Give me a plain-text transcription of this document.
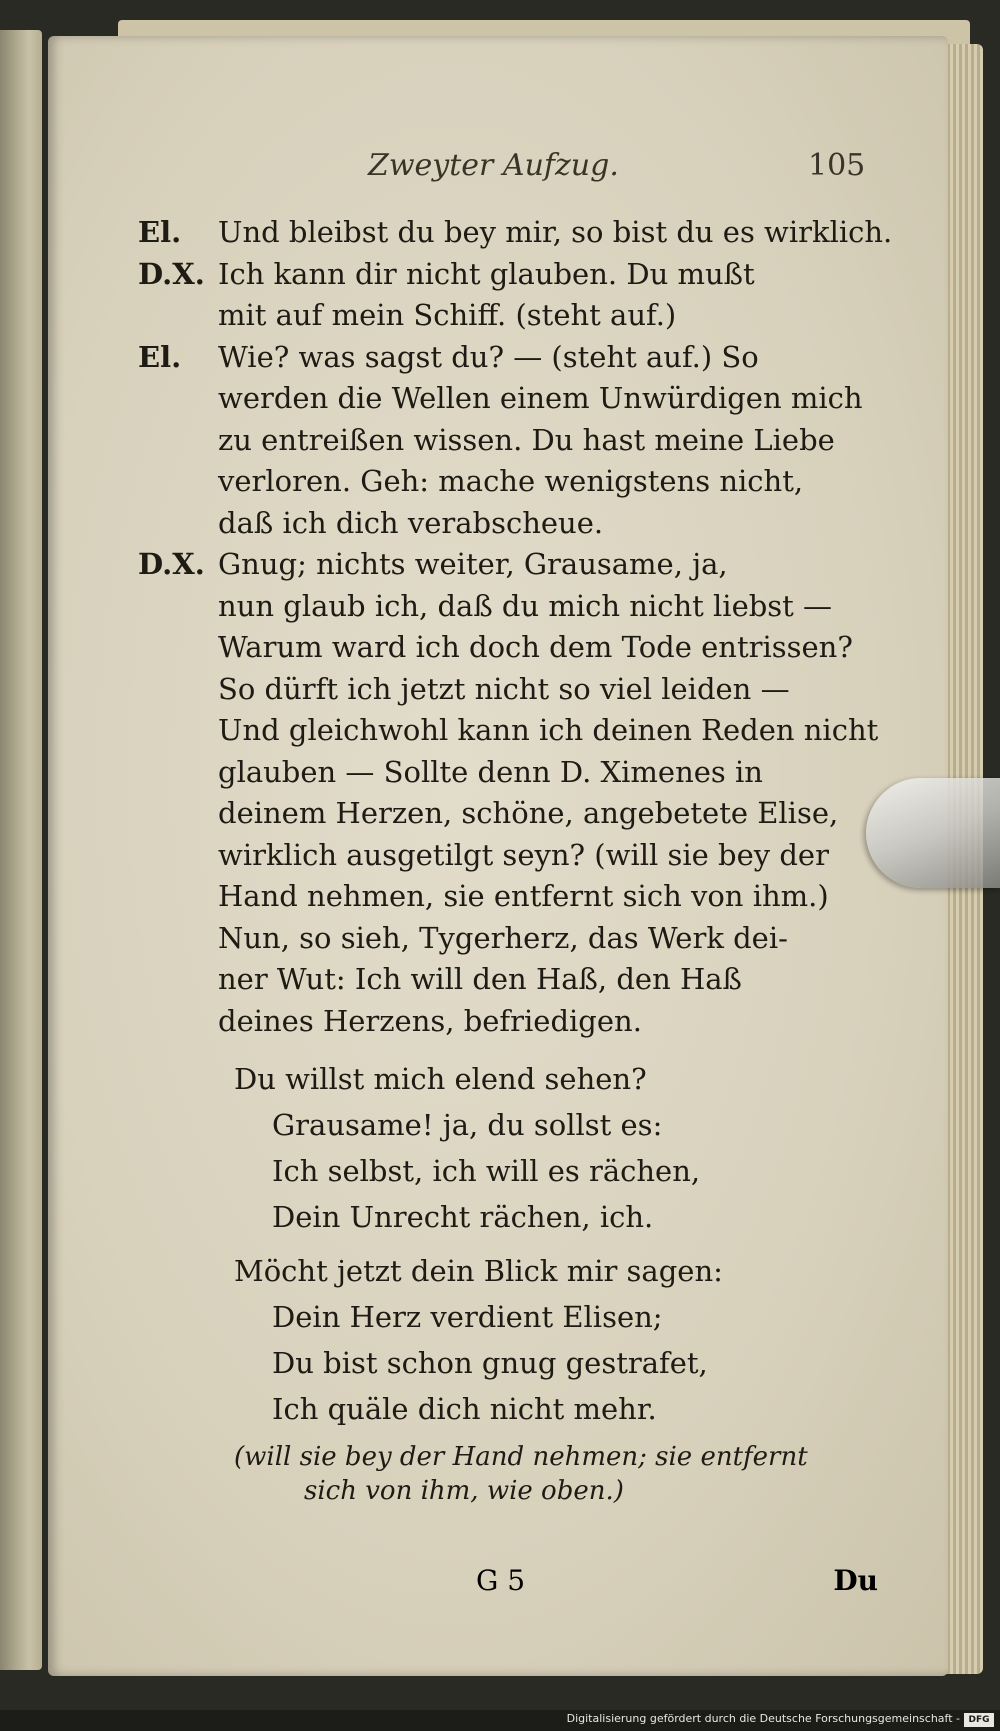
Zweyter Aufzug.	105
El. Und bleibst du bey mir, so bist du es wirklich.
D.X. Ich kann dir nicht glauben. Du mußt
mit auf mein Schiff. (steht auf.)
El. Wie? was sagst du? — (steht auf.) So
werden die Wellen einem Unwürdigen mich
zu entreißen wissen. Du hast meine Liebe
verloren. Geh: mache wenigstens nicht,
daß ich dich verabscheue.
D.X. Gnug; nichts weiter, Grausame, ja,
nun glaub ich, daß du mich nicht liebst —
Warum ward ich doch dem Tode entrissen?
So dürft ich jetzt nicht so viel leiden —
Und gleichwohl kann ich deinen Reden nicht
glauben — Sollte denn D. Ximenes in
deinem Herzen, schöne, angebetete Elise,
wirklich ausgetilgt seyn? (will sie bey der
Hand nehmen, sie entfernt sich von ihm.)
Nun, so sieh, Tygerherz, das Werk dei-
ner Wut: Ich will den Haß, den Haß
deines Herzens, befriedigen.
Du willst mich elend sehen?
Grausame! ja, du sollst es:
Ich selbst, ich will es rächen,
Dein Unrecht rächen, ich.
Möcht jetzt dein Blick mir sagen:
Dein Herz verdient Elisen;
Du bist schon gnug gestrafet,
Ich quäle dich nicht mehr.
(will sie bey der Hand nehmen; sie entfernt
sich von ihm, wie oben.)
G 5	Du
Digitalisierung gefördert durch die Deutsche Forschungsgemeinschaft - DFG
